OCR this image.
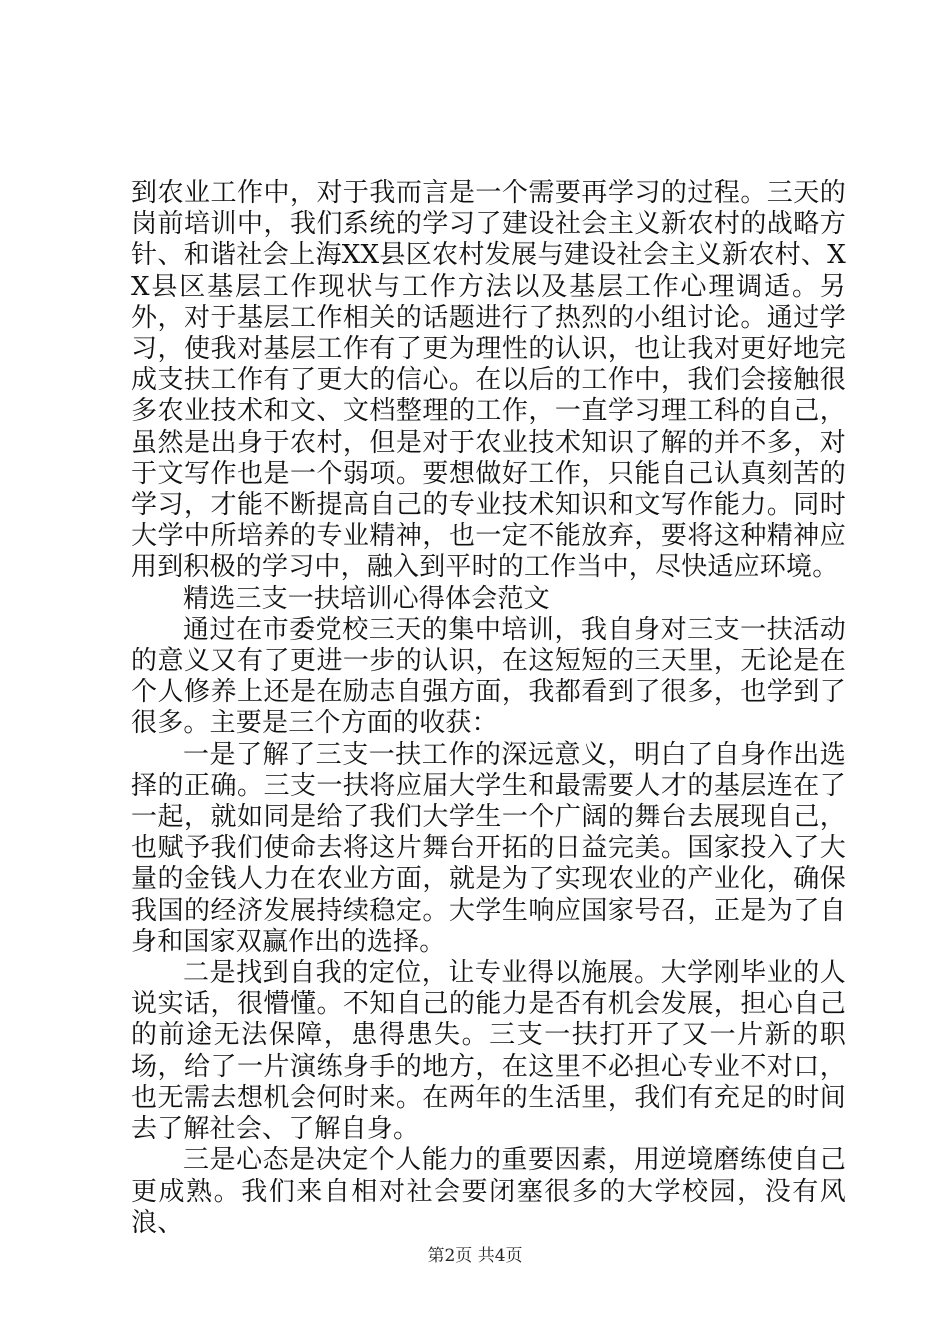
到农业工作中，对于我而言是一个需要再学习的过程。三天的岗前培训中，我们系统的学习了建设社会主义新农村的战略方针、和谐社会上海XX县区农村发展与建设社会主义新农村、XX县区基层工作现状与工作方法以及基层工作心理调适。另外，对于基层工作相关的话题进行了热烈的小组讨论。通过学习，使我对基层工作有了更为理性的认识，也让我对更好地完成支扶工作有了更大的信心。在以后的工作中，我们会接触很多农业技术和文、文档整理的工作，一直学习理工科的自己，虽然是出身于农村，但是对于农业技术知识了解的并不多，对于文写作也是一个弱项。要想做好工作，只能自己认真刻苦的学习，才能不断提高自己的专业技术知识和文写作能力。同时大学中所培养的专业精神，也一定不能放弃，要将这种精神应用到积极的学习中，融入到平时的工作当中，尽快适应环境。

精选三支一扶培训心得体会范文

通过在市委党校三天的集中培训，我自身对三支一扶活动的意义又有了更进一步的认识，在这短短的三天里，无论是在个人修养上还是在励志自强方面，我都看到了很多，也学到了很多。主要是三个方面的收获：

一是了解了三支一扶工作的深远意义，明白了自身作出选择的正确。三支一扶将应届大学生和最需要人才的基层连在了一起，就如同是给了我们大学生一个广阔的舞台去展现自己，也赋予我们使命去将这片舞台开拓的日益完美。国家投入了大量的金钱人力在农业方面，就是为了实现农业的产业化，确保我国的经济发展持续稳定。大学生响应国家号召，正是为了自身和国家双赢作出的选择。

二是找到自我的定位，让专业得以施展。大学刚毕业的人说实话，很懵懂。不知自己的能力是否有机会发展，担心自己的前途无法保障，患得患失。三支一扶打开了又一片新的职场，给了一片演练身手的地方，在这里不必担心专业不对口，也无需去想机会何时来。在两年的生活里，我们有充足的时间去了解社会、了解自身。

三是心态是决定个人能力的重要因素，用逆境磨练使自己更成熟。我们来自相对社会要闭塞很多的大学校园，没有风浪、

第2页 共4页
